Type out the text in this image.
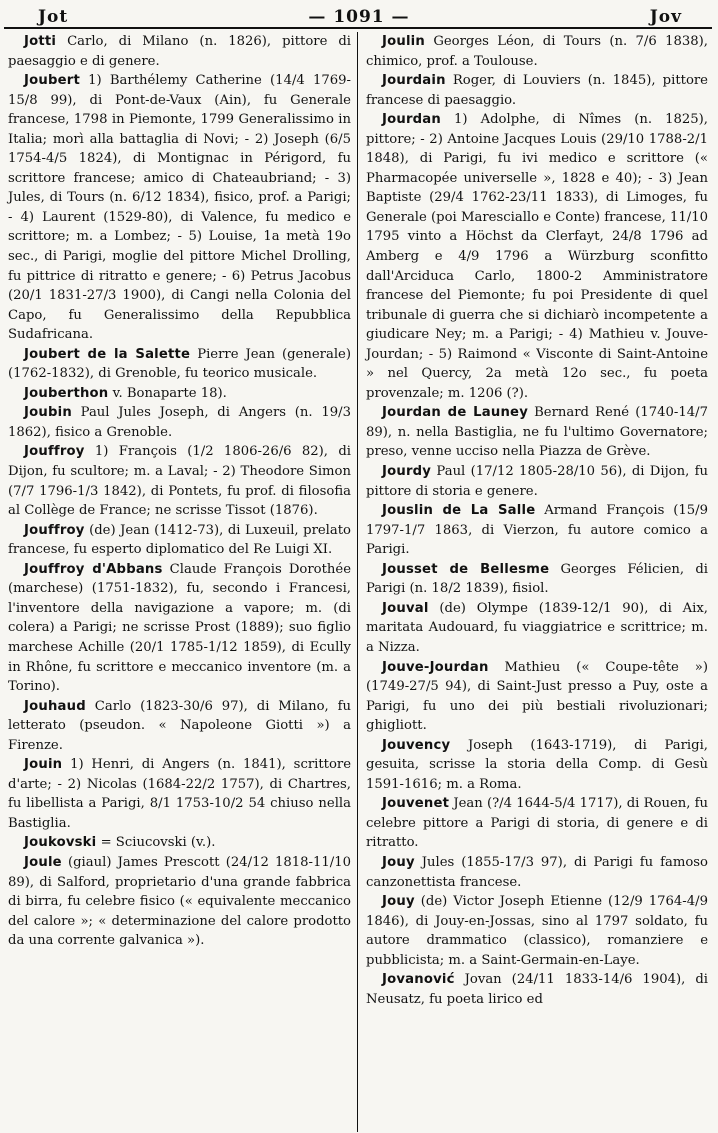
Jot	— 1091 —	Jov

Jotti Carlo, di Milano (n. 1826), pittore di paesaggio e di genere.

Joubert 1) Barthélemy Catherine (14/4 1769-15/8 99), di Pont-de-Vaux (Ain), fu Generale francese, 1798 in Piemonte, 1799 Generalissimo in Italia; morì alla battaglia di Novi; - 2) Joseph (6/5 1754-4/5 1824), di Montignac in Périgord, fu scrittore francese; amico di Chateaubriand; - 3) Jules, di Tours (n. 6/12 1834), fisico, prof. a Parigi; - 4) Laurent (1529-80), di Valence, fu medico e scrittore; m. a Lombez; - 5) Louise, 1a metà 19o sec., di Parigi, moglie del pittore Michel Drolling, fu pittrice di ritratto e genere; - 6) Petrus Jacobus (20/1 1831-27/3 1900), di Cangi nella Colonia del Capo, fu Generalissimo della Repubblica Sudafricana.

Joubert de la Salette Pierre Jean (generale) (1762-1832), di Grenoble, fu teorico musicale.

Jouberthon v. Bonaparte 18).

Joubin Paul Jules Joseph, di Angers (n. 19/3 1862), fisico a Grenoble.

Jouffroy 1) François (1/2 1806-26/6 82), di Dijon, fu scultore; m. a Laval; - 2) Theodore Simon (7/7 1796-1/3 1842), di Pontets, fu prof. di filosofia al Collège de France; ne scrisse Tissot (1876).

Jouffroy (de) Jean (1412-73), di Luxeuil, prelato francese, fu esperto diplomatico del Re Luigi XI.

Jouffroy d'Abbans Claude François Dorothée (marchese) (1751-1832), fu, secondo i Francesi, l'inventore della navigazione a vapore; m. (di colera) a Parigi; ne scrisse Prost (1889); suo figlio marchese Achille (20/1 1785-1/12 1859), di Ecully in Rhône, fu scrittore e meccanico inventore (m. a Torino).

Jouhaud Carlo (1823-30/6 97), di Milano, fu letterato (pseudon. « Napoleone Giotti ») a Firenze.

Jouin 1) Henri, di Angers (n. 1841), scrittore d'arte; - 2) Nicolas (1684-22/2 1757), di Chartres, fu libellista a Parigi, 8/1 1753-10/2 54 chiuso nella Bastiglia.

Joukovski = Sciucovski (v.).

Joule (giaul) James Prescott (24/12 1818-11/10 89), di Salford, proprietario d'una grande fabbrica di birra, fu celebre fisico (« equivalente meccanico del calore »; « determinazione del calore prodotto da una corrente galvanica »).

Joulin Georges Léon, di Tours (n. 7/6 1838), chimico, prof. a Toulouse.

Jourdain Roger, di Louviers (n. 1845), pittore francese di paesaggio.

Jourdan 1) Adolphe, di Nîmes (n. 1825), pittore; - 2) Antoine Jacques Louis (29/10 1788-2/1 1848), di Parigi, fu ivi medico e scrittore (« Pharmacopée universelle », 1828 e 40); - 3) Jean Baptiste (29/4 1762-23/11 1833), di Limoges, fu Generale (poi Maresciallo e Conte) francese, 11/10 1795 vinto a Höchst da Clerfayt, 24/8 1796 ad Amberg e 4/9 1796 a Würzburg sconfitto dall'Arciduca Carlo, 1800-2 Amministratore francese del Piemonte; fu poi Presidente di quel tribunale di guerra che si dichiarò incompetente a giudicare Ney; m. a Parigi; - 4) Mathieu v. Jouve-Jourdan; - 5) Raimond « Visconte di Saint-Antoine » nel Quercy, 2a metà 12o sec., fu poeta provenzale; m. 1206 (?).

Jourdan de Launey Bernard René (1740-14/7 89), n. nella Bastiglia, ne fu l'ultimo Governatore; preso, venne ucciso nella Piazza de Grève.

Jourdy Paul (17/12 1805-28/10 56), di Dijon, fu pittore di storia e genere.

Jouslin de La Salle Armand François (15/9 1797-1/7 1863, di Vierzon, fu autore comico a Parigi.

Jousset de Bellesme Georges Félicien, di Parigi (n. 18/2 1839), fisiol.

Jouval (de) Olympe (1839-12/1 90), di Aix, maritata Audouard, fu viaggiatrice e scrittrice; m. a Nizza.

Jouve-Jourdan Mathieu (« Coupe-tête ») (1749-27/5 94), di Saint-Just presso a Puy, oste a Parigi, fu uno dei più bestiali rivoluzionari; ghigliott.

Jouvency Joseph (1643-1719), di Parigi, gesuita, scrisse la storia della Comp. di Gesù 1591-1616; m. a Roma.

Jouvenet Jean (?/4 1644-5/4 1717), di Rouen, fu celebre pittore a Parigi di storia, di genere e di ritratto.

Jouy Jules (1855-17/3 97), di Parigi fu famoso canzonettista francese.

Jouy (de) Victor Joseph Etienne (12/9 1764-4/9 1846), di Jouy-en-Jossas, sino al 1797 soldato, fu autore drammatico (classico), romanziere e pubblicista; m. a Saint-Germain-en-Laye.

Jovanović Jovan (24/11 1833-14/6 1904), di Neusatz, fu poeta lirico ed
